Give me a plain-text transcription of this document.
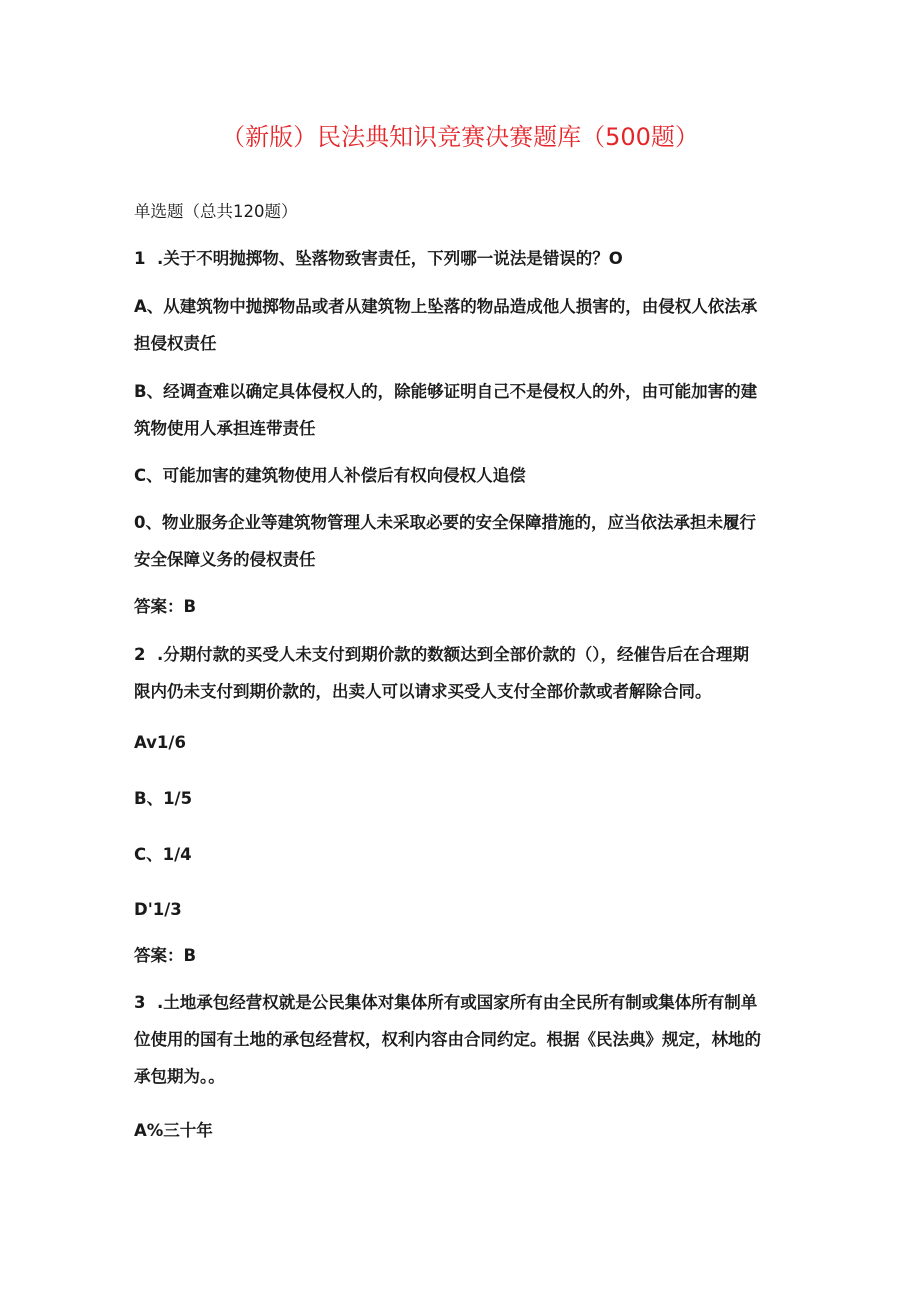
（新版）民法典知识竞赛决赛题库（500题）

单选题（总共120题）

1  .关于不明抛掷物、坠落物致害责任，下列哪一说法是错误的？O

A、从建筑物中抛掷物品或者从建筑物上坠落的物品造成他人损害的，由侵权人依法承

担侵权责任

B、经调查难以确定具体侵权人的，除能够证明自己不是侵权人的外，由可能加害的建

筑物使用人承担连带责任

C、可能加害的建筑物使用人补偿后有权向侵权人追偿

0、物业服务企业等建筑物管理人未采取必要的安全保障措施的，应当依法承担未履行

安全保障义务的侵权责任

答案：B

2  .分期付款的买受人未支付到期价款的数额达到全部价款的（），经催告后在合理期

限内仍未支付到期价款的，出卖人可以请求买受人支付全部价款或者解除合同。

Av1/6

B、1/5

C、1/4

D'1/3

答案：B

3  .土地承包经营权就是公民集体对集体所有或国家所有由全民所有制或集体所有制单

位使用的国有土地的承包经营权，权利内容由合同约定。根据《民法典》规定，林地的

承包期为。。

A%三十年
